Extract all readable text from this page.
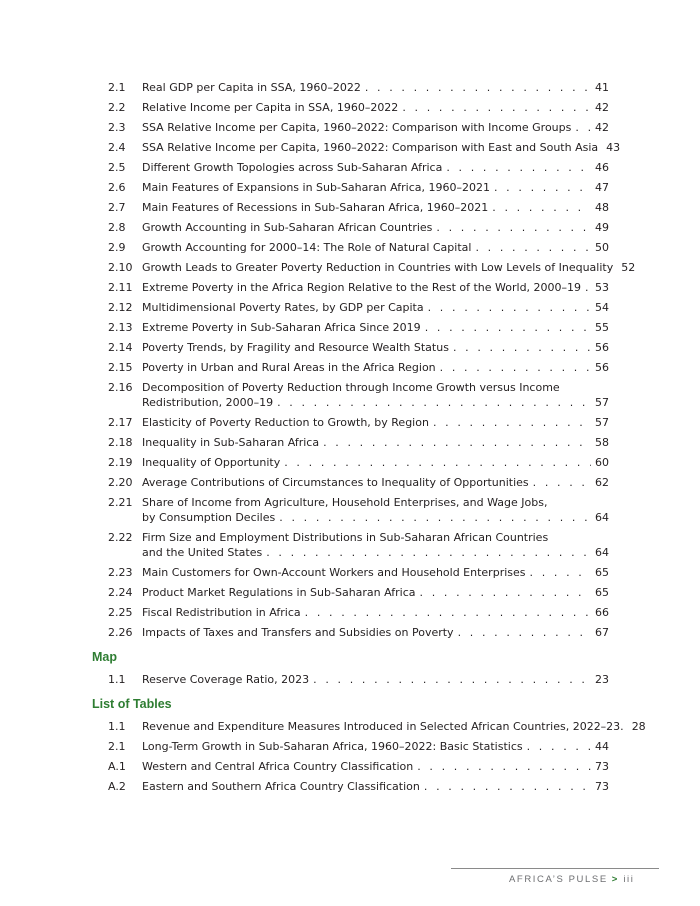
2.1	Real GDP per Capita in SSA, 1960–2022 . . .	41
2.2	Relative Income per Capita in SSA, 1960–2022 . . .	42
2.3	SSA Relative Income per Capita, 1960–2022: Comparison with Income Groups . . . 42
2.4	SSA Relative Income per Capita, 1960–2022: Comparison with East and South Asia 43
2.5	Different Growth Topologies across Sub-Saharan Africa . . .	46
2.6	Main Features of Expansions in Sub-Saharan Africa, 1960–2021 . . .	47
2.7	Main Features of Recessions in Sub-Saharan Africa, 1960–2021 . . .	48
2.8	Growth Accounting in Sub-Saharan African Countries . . .	49
2.9	Growth Accounting for 2000–14: The Role of Natural Capital . . .	50
2.10 Growth Leads to Greater Poverty Reduction in Countries with Low Levels of Inequality 52
2.11 Extreme Poverty in the Africa Region Relative to the Rest of the World, 2000–19 . . . 53
2.12 Multidimensional Poverty Rates, by GDP per Capita . . .	54
2.13 Extreme Poverty in Sub-Saharan Africa Since 2019 . . .	55
2.14 Poverty Trends, by Fragility and Resource Wealth Status . . .	56
2.15 Poverty in Urban and Rural Areas in the Africa Region . . .	56
2.16 Decomposition of Poverty Reduction through Income Growth versus Income
Redistribution, 2000–19 . . .	57
2.17 Elasticity of Poverty Reduction to Growth, by Region . . .	57
2.18 Inequality in Sub-Saharan Africa . . .	58
2.19 Inequality of Opportunity . . .	60
2.20 Average Contributions of Circumstances to Inequality of Opportunities . . .	62
2.21 Share of Income from Agriculture, Household Enterprises, and Wage Jobs,
by Consumption Deciles . . .	64
2.22 Firm Size and Employment Distributions in Sub-Saharan African Countries
and the United States . . .	64
2.23 Main Customers for Own-Account Workers and Household Enterprises . . .	65
2.24 Product Market Regulations in Sub-Saharan Africa . . .	65
2.25 Fiscal Redistribution in Africa . . .	66
2.26 Impacts of Taxes and Transfers and Subsidies on Poverty . . .	67
Map
1.1	Reserve Coverage Ratio, 2023 . . .	23
List of Tables
1.1	Revenue and Expenditure Measures Introduced in Selected African Countries, 2022–23. 28
2.1	Long-Term Growth in Sub-Saharan Africa, 1960–2022: Basic Statistics . . .	44
A.1	Western and Central Africa Country Classification . . .	73
A.2	Eastern and Southern Africa Country Classification . . .	73
AFRICA’S PULSE > iii
